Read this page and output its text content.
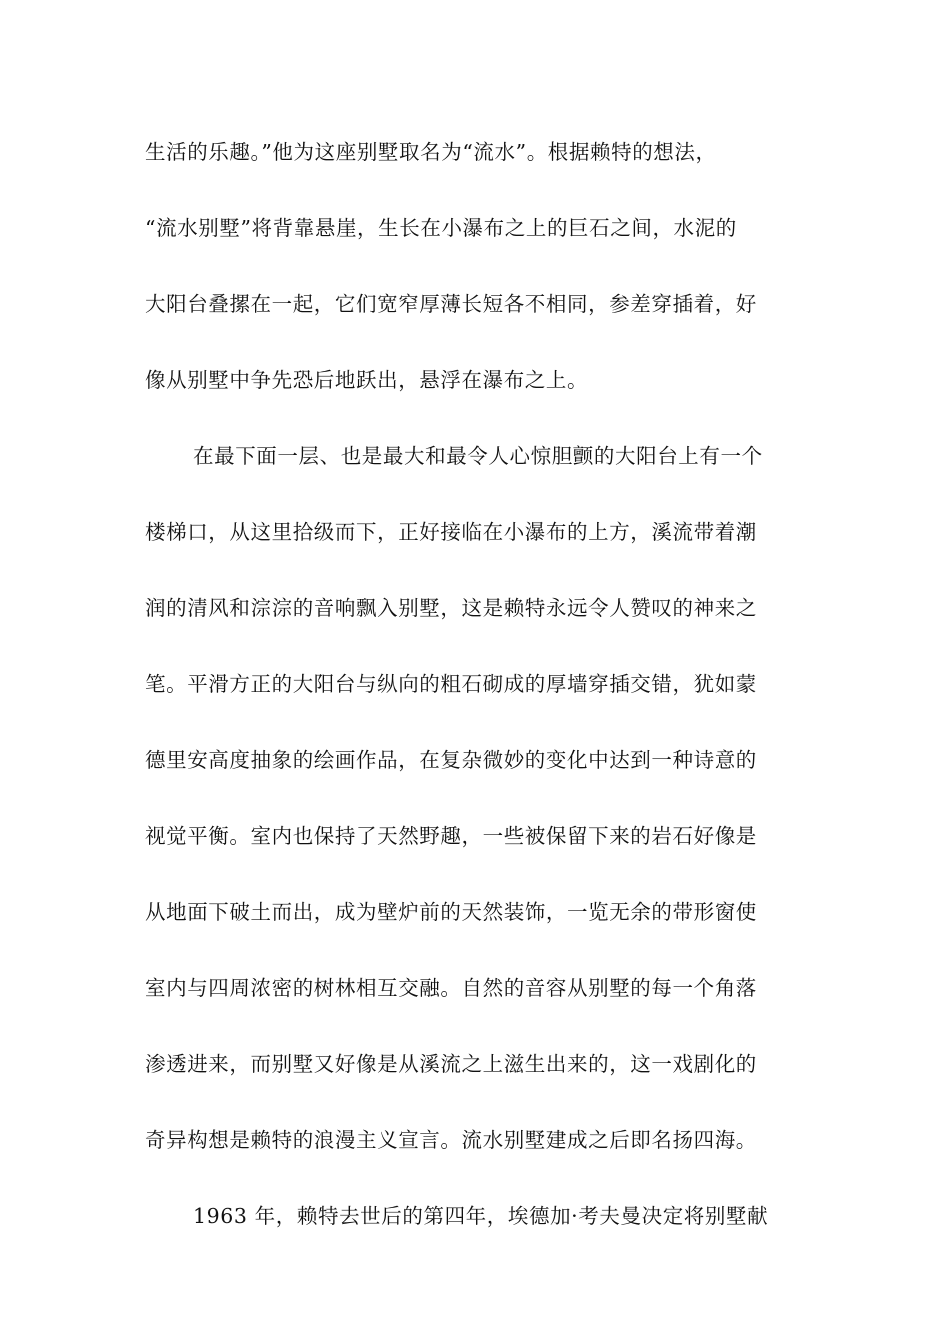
生活的乐趣。”他为这座别墅取名为“流水”。根据赖特的想法，
“流水别墅”将背靠悬崖，生长在小瀑布之上的巨石之间，水泥的
大阳台叠摞在一起，它们宽窄厚薄长短各不相同，参差穿插着，好
像从别墅中争先恐后地跃出，悬浮在瀑布之上。
在最下面一层、也是最大和最令人心惊胆颤的大阳台上有一个
楼梯口，从这里拾级而下，正好接临在小瀑布的上方，溪流带着潮
润的清风和淙淙的音响飘入别墅，这是赖特永远令人赞叹的神来之
笔。平滑方正的大阳台与纵向的粗石砌成的厚墙穿插交错，犹如蒙
德里安高度抽象的绘画作品，在复杂微妙的变化中达到一种诗意的
视觉平衡。室内也保持了天然野趣，一些被保留下来的岩石好像是
从地面下破土而出，成为壁炉前的天然装饰，一览无余的带形窗使
室内与四周浓密的树林相互交融。自然的音容从别墅的每一个角落
渗透进来，而别墅又好像是从溪流之上滋生出来的，这一戏剧化的
奇异构想是赖特的浪漫主义宣言。流水别墅建成之后即名扬四海。
1963 年，赖特去世后的第四年，埃德加·考夫曼决定将别墅献
